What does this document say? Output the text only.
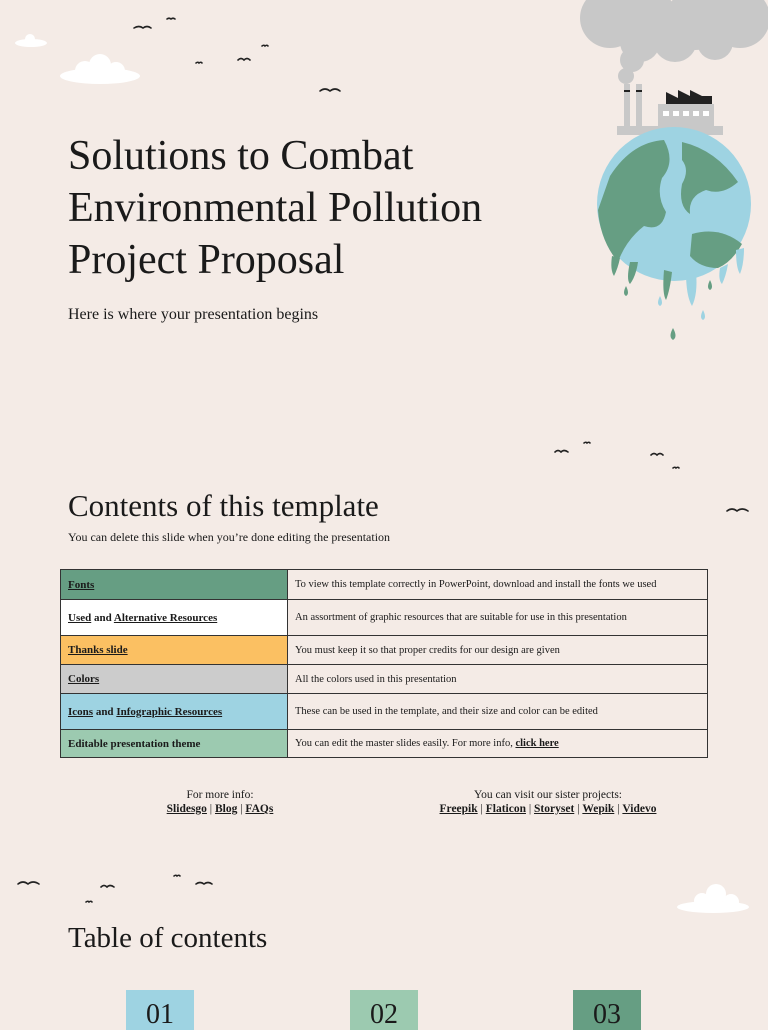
Solutions to Combat
Environmental Pollution
Project Proposal
Here is where your presentation begins
Contents of this template
You can delete this slide when you’re done editing the presentation
Fonts	To view this template correctly in PowerPoint, download and install the fonts we used
Used and Alternative Resources	An assortment of graphic resources that are suitable for use in this presentation
Thanks slide	You must keep it so that proper credits for our design are given
Colors	All the colors used in this presentation
Icons and Infographic Resources	These can be used in the template, and their size and color can be edited
Editable presentation theme	You can edit the master slides easily. For more info, click here
For more info:
Slidesgo | Blog | FAQs
You can visit our sister projects:
Freepik | Flaticon | Storyset | Wepik | Videvo
Table of contents
01	02	03
